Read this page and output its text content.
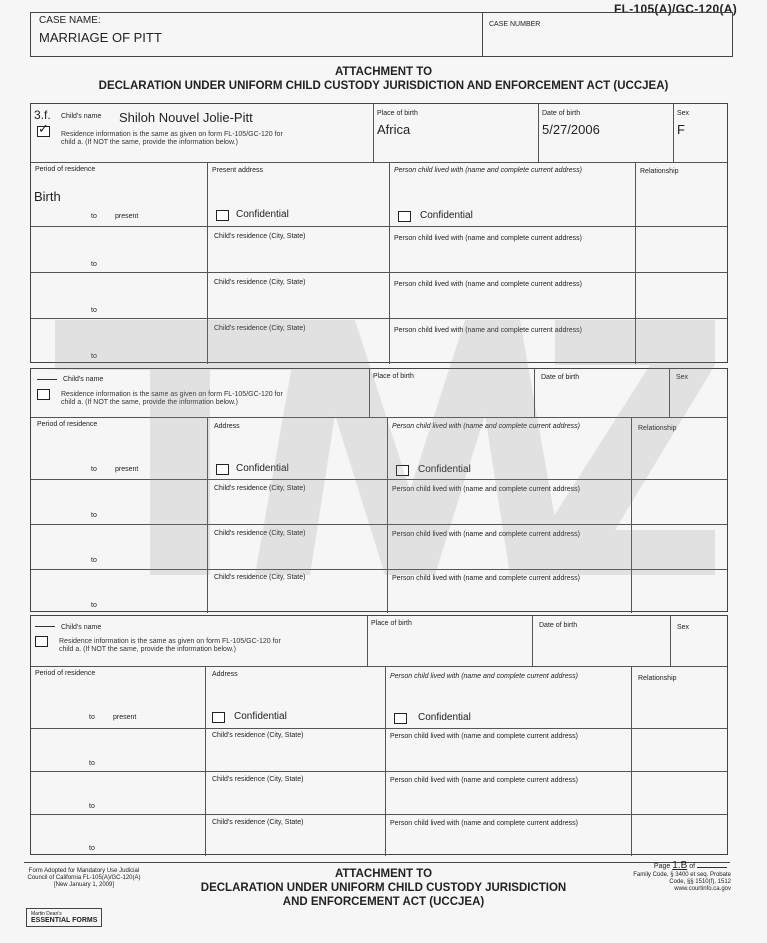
FL-105(A)/GC-120(A)
CASE NAME:
MARRIAGE OF PITT
CASE NUMBER
ATTACHMENT TO
DECLARATION UNDER UNIFORM CHILD CUSTODY JURISDICTION AND ENFORCEMENT ACT (UCCJEA)
3.f. Child's name Shiloh Nouvel Jolie-Pitt
✓ Residence information is the same as given on form FL-105/GC-120 for child a. (If NOT the same, provide the information below.)
Place of birth
Africa
Date of birth
5/27/2006
Sex
F
Period of residence
Birth
to	present
Present address
Confidential
Person child lived with (name and complete current address)
Confidential
Relationship
to
Child's residence (City, State)	Person child lived with (name and complete current address)
to
Child's residence (City, State)	Person child lived with (name and complete current address)
to
Child's residence (City, State)	Person child lived with (name and complete current address)
Child's name
Residence information is the same as given on form FL-105/GC-120 for child a. (If NOT the same, provide the information below.)
Place of birth	Date of birth	Sex
Period of residence
to	present
Address
Confidential
Person child lived with (name and complete current address)
Confidential
Relationship
to
Child's residence (City, State)	Person child lived with (name and complete current address)
to
Child's residence (City, State)	Person child lived with (name and complete current address)
to
Child's residence (City, State)	Person child lived with (name and complete current address)
Child's name
Residence information is the same as given on form FL-105/GC-120 for child a. (If NOT the same, provide the information below.)
Place of birth	Date of birth	Sex
Period of residence
to	present
Address
Confidential
Person child lived with (name and complete current address)
Confidential
Relationship
to
Child's residence (City, State)	Person child lived with (name and complete current address)
to
Child's residence (City, State)	Person child lived with (name and complete current address)
to
Child's residence (City, State)	Person child lived with (name and complete current address)
Page 1.B of
Form Adopted for Mandatory Use Judicial Council of California FL-105(A)/GC-120(A) [New January 1, 2009]
ATTACHMENT TO
DECLARATION UNDER UNIFORM CHILD CUSTODY JURISDICTION
AND ENFORCEMENT ACT (UCCJEA)
Family Code, § 3400 et seq. Probate Code, §§ 1510(f), 1512 www.courtinfo.ca.gov
Martin Dean's
ESSENTIAL FORMS
